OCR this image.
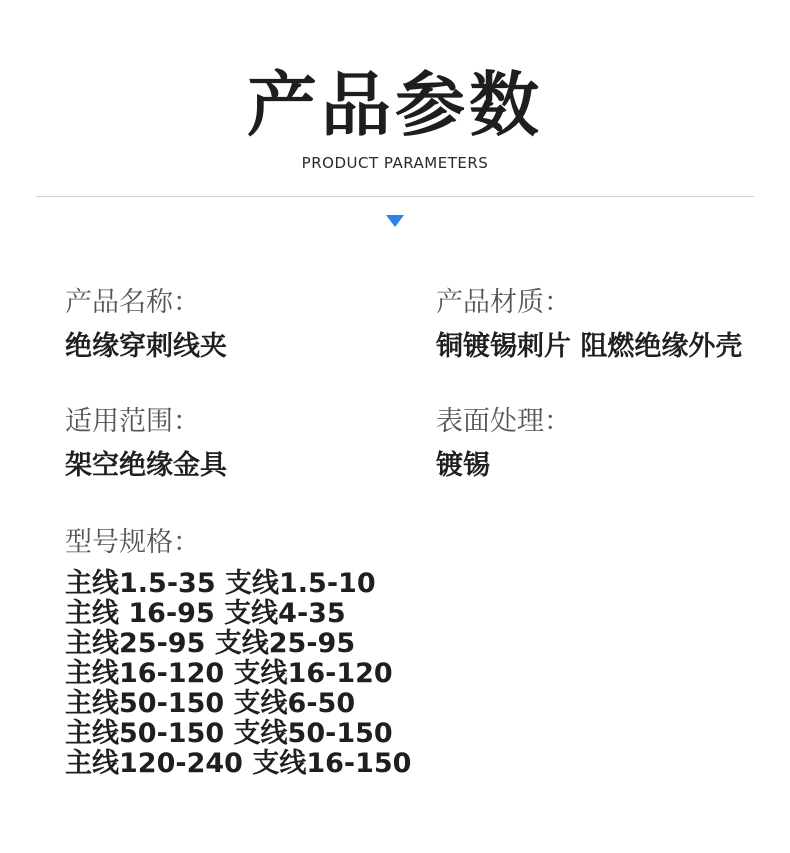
产品参数
PRODUCT PARAMETERS
产品名称：
绝缘穿刺线夹
产品材质：
铜镀锡刺片 阻燃绝缘外壳
适用范围：
架空绝缘金具
表面处理：
镀锡
型号规格：
主线1.5-35 支线1.5-10
主线 16-95 支线4-35
主线25-95 支线25-95
主线16-120 支线16-120
主线50-150 支线6-50
主线50-150 支线50-150
主线120-240 支线16-150
